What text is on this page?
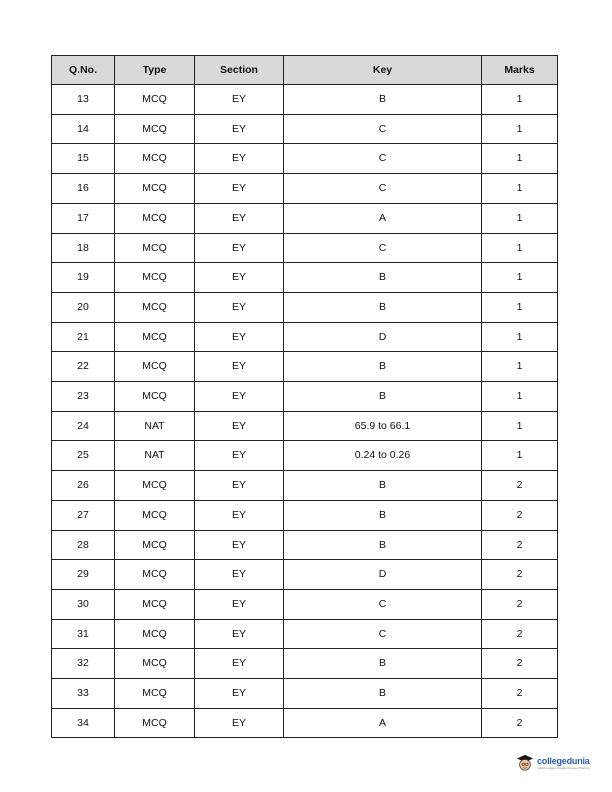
Q.No.	Type	Section	Key	Marks
13	MCQ	EY	B	1
14	MCQ	EY	C	1
15	MCQ	EY	C	1
16	MCQ	EY	C	1
17	MCQ	EY	A	1
18	MCQ	EY	C	1
19	MCQ	EY	B	1
20	MCQ	EY	B	1
21	MCQ	EY	D	1
22	MCQ	EY	B	1
23	MCQ	EY	B	1
24	NAT	EY	65.9 to 66.1	1
25	NAT	EY	0.24 to 0.26	1
26	MCQ	EY	B	2
27	MCQ	EY	B	2
28	MCQ	EY	B	2
29	MCQ	EY	D	2
30	MCQ	EY	C	2
31	MCQ	EY	C	2
32	MCQ	EY	B	2
33	MCQ	EY	B	2
34	MCQ	EY	A	2
collegedunia
India's Largest Student Review Platform
